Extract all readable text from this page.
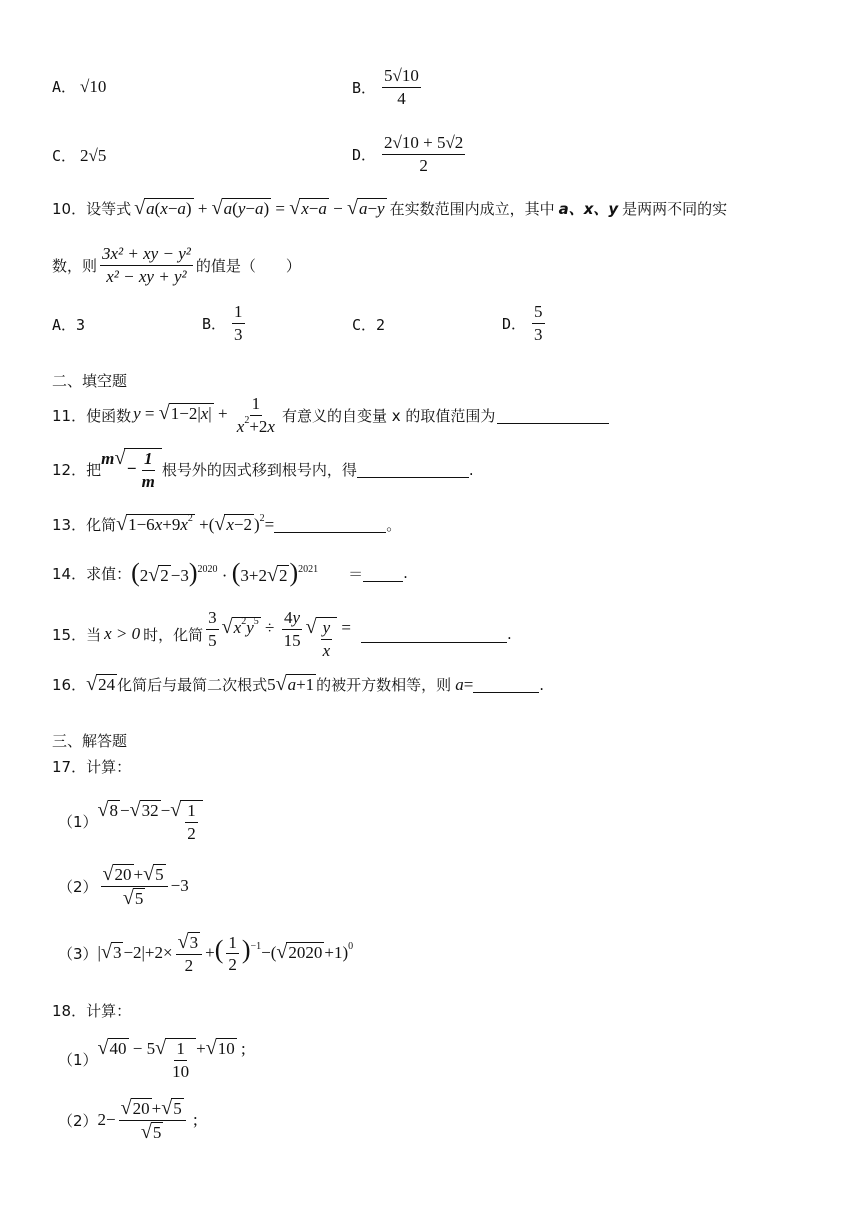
A． √10	B． $\frac{5√10}{4}$
C． 2√5	D． $\frac{2√10 + 5√2}{2}$
10． 设等式 √ a(x−a) + √ a(y−a) = √ x−a − √ a−y 在实数范围内成立，其中 a、x、y 是两两不同的实
数，则 $\frac{\text{3x² + xy − y²}}{\text{x² − xy + y²}}$ 的值是（　　）
A．3	B． $\frac{1}{3}$	C．2	D． $\frac{5}{3}$
二、填空题
11． 使函数 y = √ $1-2|x| + \frac{1}{x^2+2x}$ 有意义的自变量 x 的取值范围为
12． 把
m √ − $\frac{1}{m}$ 根号外的因式移到根号内，得	.
13． 化简 √ $1-6x+9x^2$ +( √ x−2 )$^2$=	。
14． 求值： (2 √ 2 −3)$^{2020}$ · (3+2 √ 2 )$^{2021}$ ＝	.
15． 当 x > 0 时，化简 $\frac{3}{5}$ √ $x^2y^5 \div \frac{4y}{15}$ √ $\frac{y}{x}$ =	.
16． √ 24 化简后与最简二次根式 5 √ a+1 的被开方数相等，则 a =	.
三、解答题
17． 计算：
（1）
√ 8 − √ 32 − √ $\frac{1}{2}$
$(2) \frac{√ 20 + √ 5}{√ 5} -3$
（3） | √ $3 -2|+2\times \frac{√ 3}{2}$ +( $\frac{1}{2} )^{-1}-$( √ 2020 +1)$^0$
18． 计算：
（1）
√ 40 − 5 √ $\frac{1}{10}$ + √ 10 ;
（2） $2- \frac{√ 20 + √ 5}{√ 5}$ ;
